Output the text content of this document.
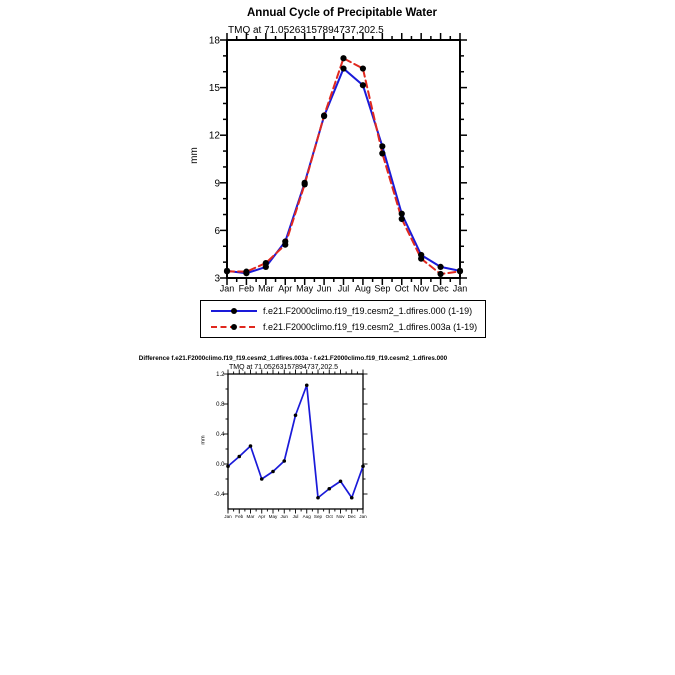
Annual Cycle of Precipitable Water
TMQ at 71.05263157894737,202.5
mm
3
6
9
12
15
18
Jan Feb Mar Apr May Jun Jul Aug Sep Oct Nov Dec Jan
-0.4
0.0
0.4
0.8
1.2
Jan Feb Mar Apr May Jun Jul Aug Sep Oct Nov Dec Jan
f.e21.F2000climo.f19_f19.cesm2_1.dfires.000 (1-19)
f.e21.F2000climo.f19_f19.cesm2_1.dfires.003a (1-19)
Difference f.e21.F2000climo.f19_f19.cesm2_1.dfires.003a - f.e21.F2000climo.f19_f19.cesm2_1.dfires.000
TMQ at 71.05263157894737,202.5
mm
